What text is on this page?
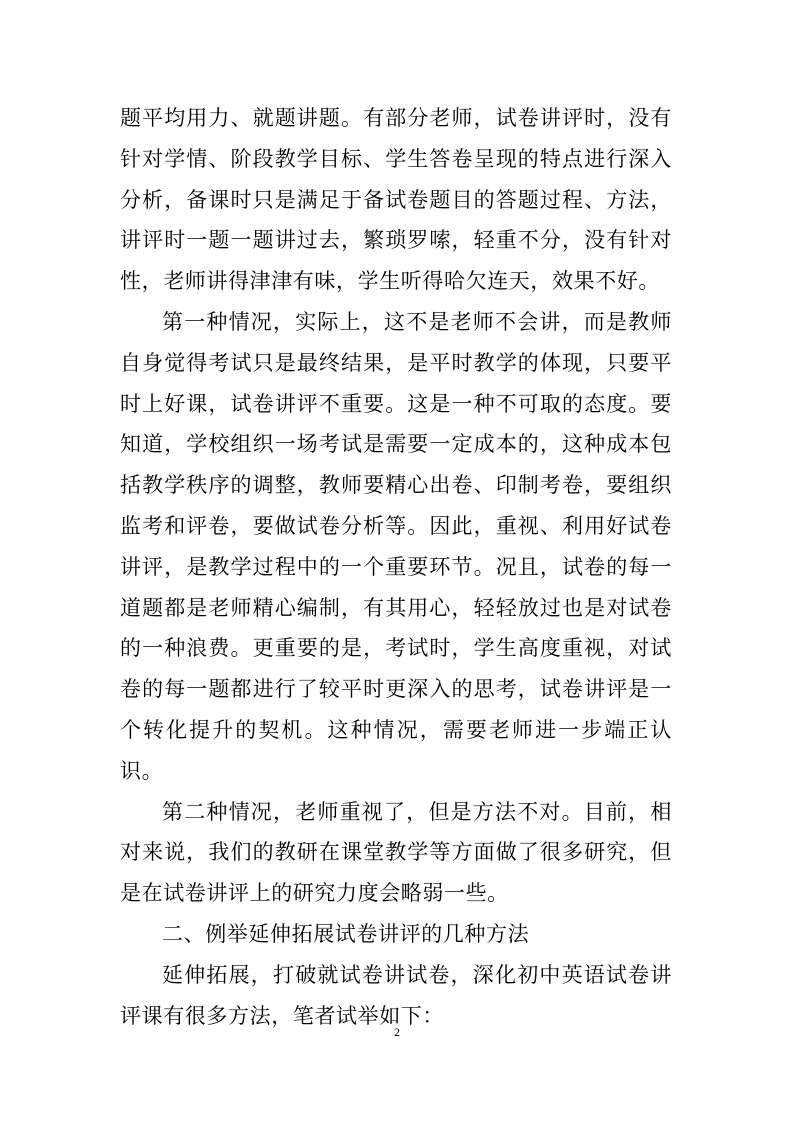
题平均用力、就题讲题。有部分老师，试卷讲评时，没有针对学情、阶段教学目标、学生答卷呈现的特点进行深入分析，备课时只是满足于备试卷题目的答题过程、方法，讲评时一题一题讲过去，繁琐罗嗦，轻重不分，没有针对性，老师讲得津津有味，学生听得哈欠连天，效果不好。

第一种情况，实际上，这不是老师不会讲，而是教师自身觉得考试只是最终结果，是平时教学的体现，只要平时上好课，试卷讲评不重要。这是一种不可取的态度。要知道，学校组织一场考试是需要一定成本的，这种成本包括教学秩序的调整，教师要精心出卷、印制考卷，要组织监考和评卷，要做试卷分析等。因此，重视、利用好试卷讲评，是教学过程中的一个重要环节。况且，试卷的每一道题都是老师精心编制，有其用心，轻轻放过也是对试卷的一种浪费。更重要的是，考试时，学生高度重视，对试卷的每一题都进行了较平时更深入的思考，试卷讲评是一个转化提升的契机。这种情况，需要老师进一步端正认识。

第二种情况，老师重视了，但是方法不对。目前，相对来说，我们的教研在课堂教学等方面做了很多研究，但是在试卷讲评上的研究力度会略弱一些。

二、例举延伸拓展试卷讲评的几种方法

延伸拓展，打破就试卷讲试卷，深化初中英语试卷讲评课有很多方法，笔者试举如下：

2
